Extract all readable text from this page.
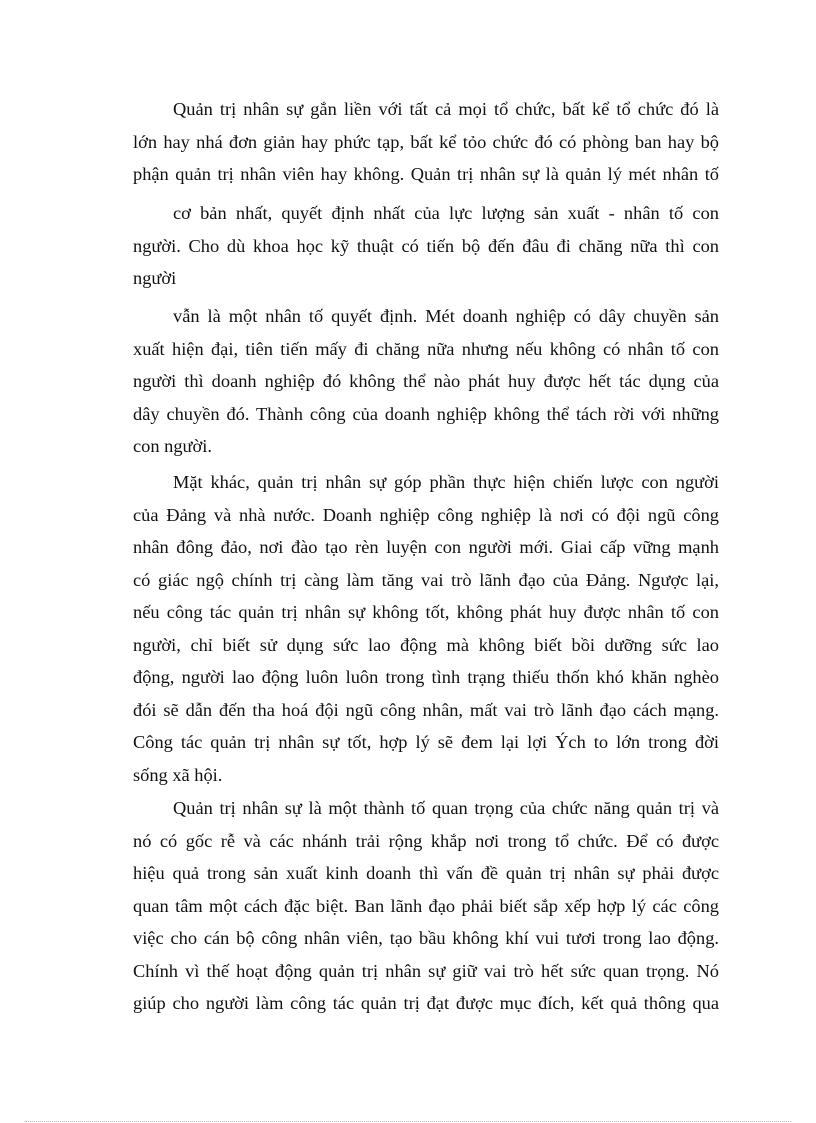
Quản trị nhân sự gắn liền với tất cả mọi tổ chức, bất kể tổ chức đó là
lớn hay nhá đơn giản hay phức tạp, bất kể tỏo chức đó có phòng ban hay bộ
phận quản trị nhân viên hay không. Quản trị nhân sự là quản lý mét nhân tố
cơ bản nhất, quyết định nhất của lực lượng sản xuất - nhân tố con
người. Cho dù khoa học kỹ thuật có tiến bộ đến đâu đi chăng nữa thì con
người
vẫn là một nhân tố quyết định. Mét doanh nghiệp có dây chuyền sản
xuất hiện đại, tiên tiến mấy đi chăng nữa nhưng nếu không có nhân tố con
người thì doanh nghiệp đó không thể nào phát huy được hết tác dụng của
dây chuyền đó. Thành công của doanh nghiệp không thể tách rời với những
con người.
Mặt khác, quản trị nhân sự góp phần thực hiện chiến lược con người
của Đảng và nhà nước. Doanh nghiệp công nghiệp là nơi có đội ngũ công
nhân đông đảo, nơi đào tạo rèn luyện con người mới. Giai cấp vững mạnh
có giác ngộ chính trị càng làm tăng vai trò lãnh đạo của Đảng. Ngược lại,
nếu công tác quản trị nhân sự không tốt, không phát huy được nhân tố con
người, chỉ biết sử dụng sức lao động mà không biết bồi dưỡng sức lao
động, người lao động luôn luôn trong tình trạng thiếu thốn khó khăn nghèo
đói sẽ dẫn đến tha hoá đội ngũ công nhân, mất vai trò lãnh đạo cách mạng.
Công tác quản trị nhân sự tốt, hợp lý sẽ đem lại lợi Ých to lớn trong đời
sống xã hội.
Quản trị nhân sự là một thành tố quan trọng của chức năng quản trị và
nó có gốc rễ và các nhánh trải rộng khắp nơi trong tổ chức. Để có được
hiệu quả trong sản xuất kinh doanh thì vấn đề quản trị nhân sự phải được
quan tâm một cách đặc biệt. Ban lãnh đạo phải biết sắp xếp hợp lý các công
việc cho cán bộ công nhân viên, tạo bầu không khí vui tươi trong lao động.
Chính vì thế hoạt động quản trị nhân sự giữ vai trò hết sức quan trọng. Nó
giúp cho người làm công tác quản trị đạt được mục đích, kết quả thông qua
